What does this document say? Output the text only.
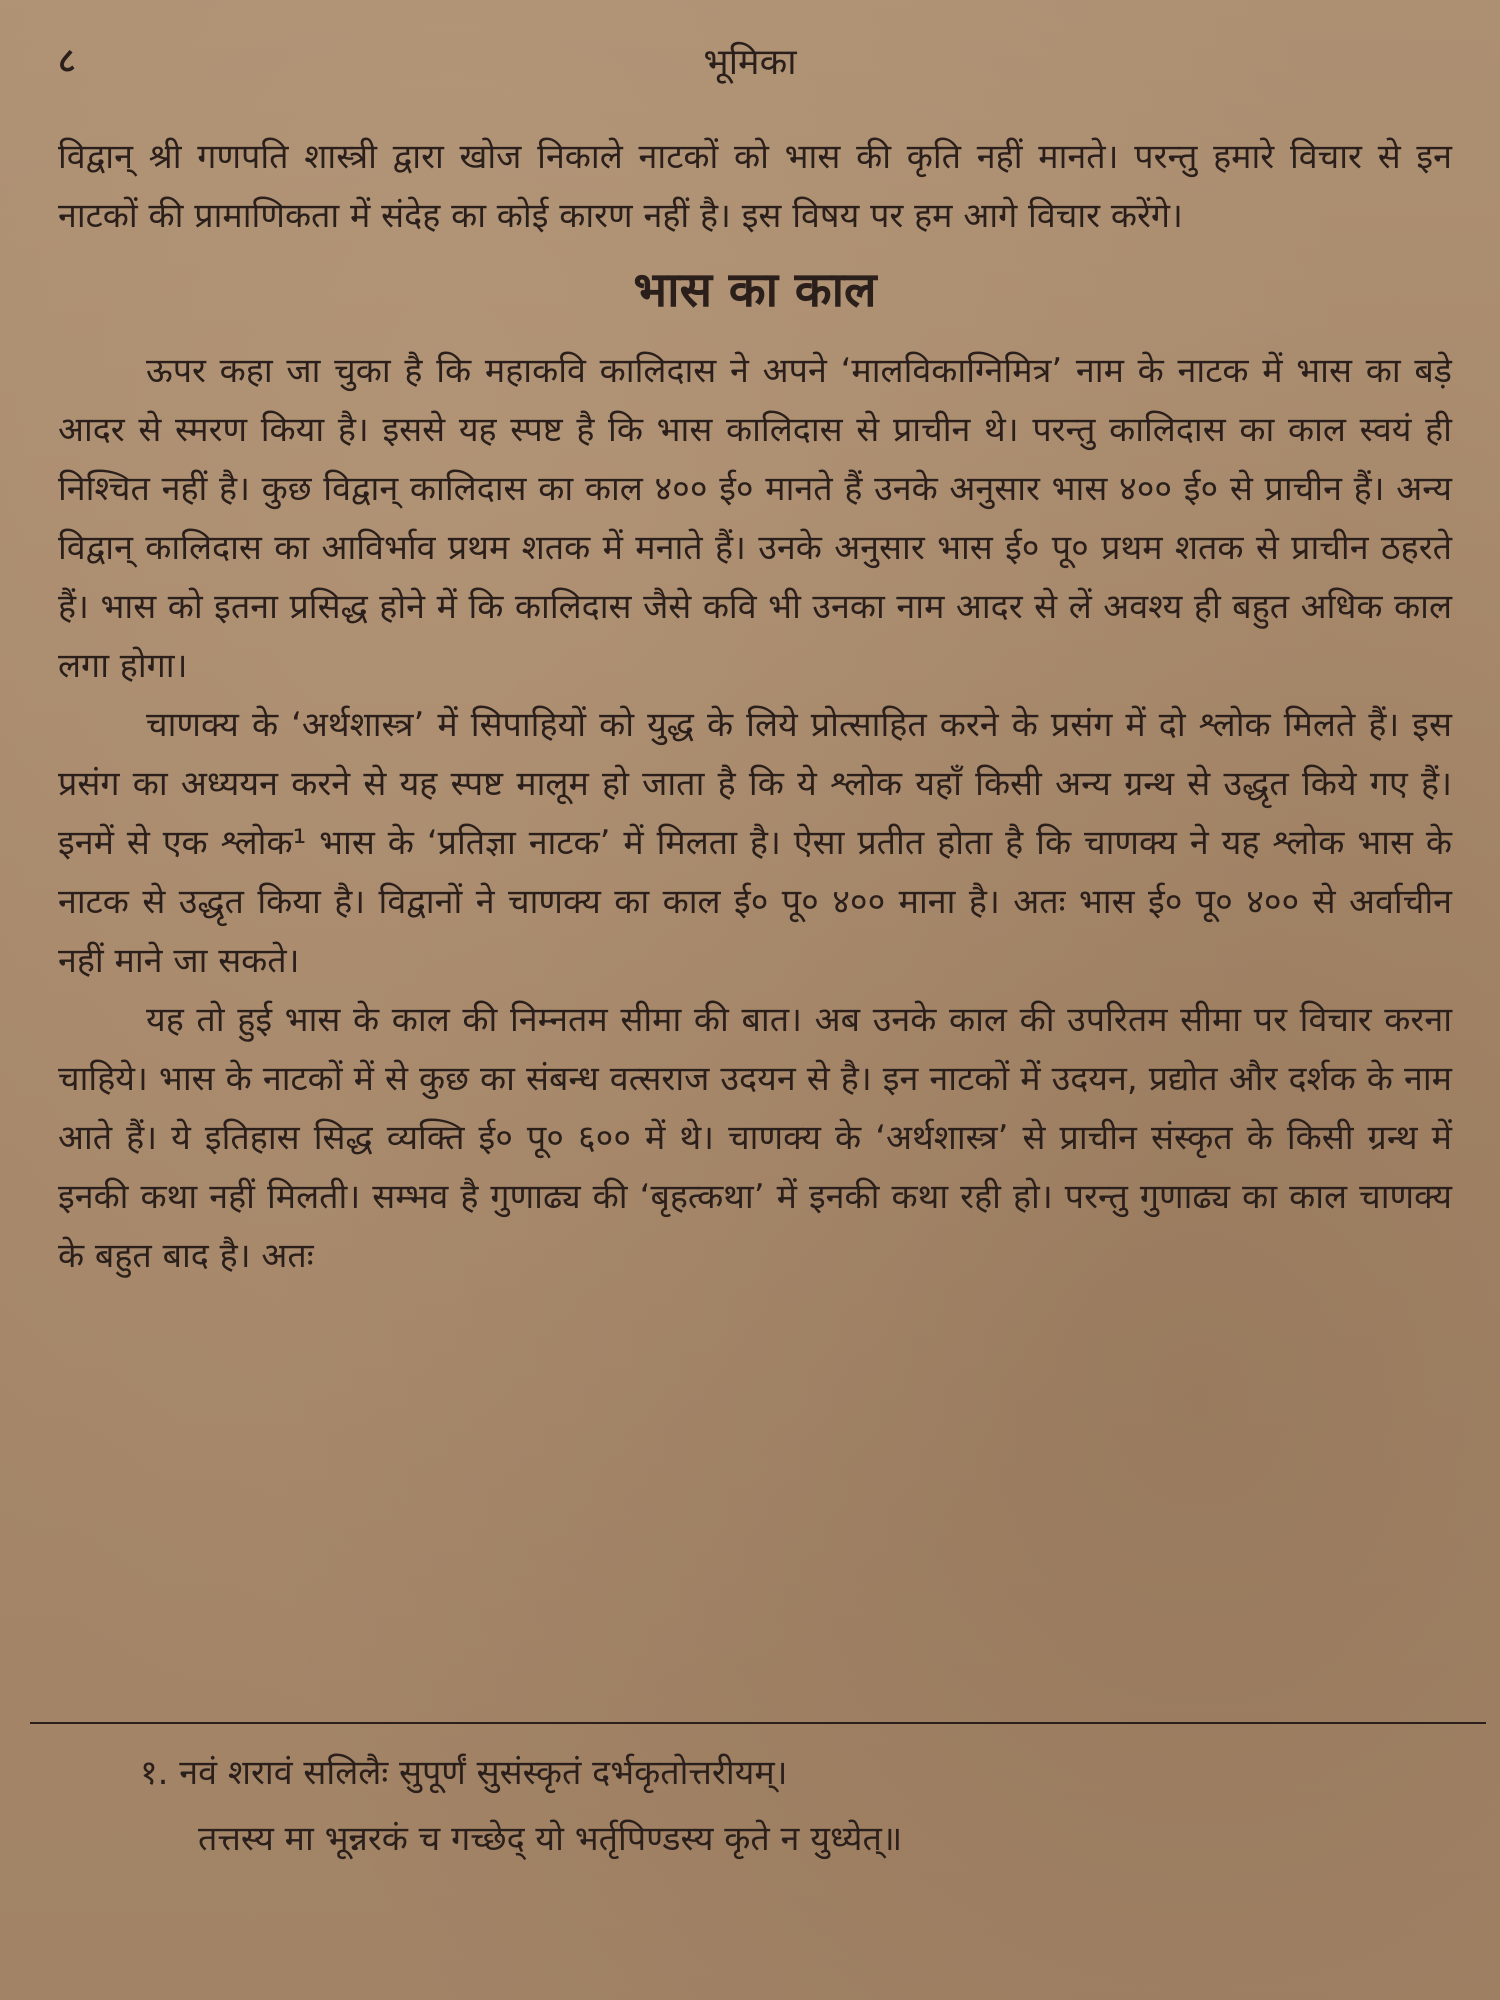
८	भूमिका

विद्वान् श्री गणपति शास्त्री द्वारा खोज निकाले नाटकों को भास की कृति नहीं मानते। परन्तु हमारे विचार से इन नाटकों की प्रामाणिकता में संदेह का कोई कारण नहीं है। इस विषय पर हम आगे विचार करेंगे।

भास का काल

ऊपर कहा जा चुका है कि महाकवि कालिदास ने अपने ‘मालविकाग्निमित्र’ नाम के नाटक में भास का बड़े आदर से स्मरण किया है। इससे यह स्पष्ट है कि भास कालिदास से प्राचीन थे। परन्तु कालिदास का काल स्वयं ही निश्चित नहीं है। कुछ विद्वान् कालिदास का काल ४०० ई० मानते हैं उनके अनुसार भास ४०० ई० से प्राचीन हैं। अन्य विद्वान् कालिदास का आविर्भाव प्रथम शतक में मनाते हैं। उनके अनुसार भास ई० पू० प्रथम शतक से प्राचीन ठहरते हैं। भास को इतना प्रसिद्ध होने में कि कालिदास जैसे कवि भी उनका नाम आदर से लें अवश्य ही बहुत अधिक काल लगा होगा।

चाणक्य के ‘अर्थशास्त्र’ में सिपाहियों को युद्ध के लिये प्रोत्साहित करने के प्रसंग में दो श्लोक मिलते हैं। इस प्रसंग का अध्ययन करने से यह स्पष्ट मालूम हो जाता है कि ये श्लोक यहाँ किसी अन्य ग्रन्थ से उद्धृत किये गए हैं। इनमें से एक श्लोक¹ भास के ‘प्रतिज्ञा नाटक’ में मिलता है। ऐसा प्रतीत होता है कि चाणक्य ने यह श्लोक भास के नाटक से उद्धृत किया है। विद्वानों ने चाणक्य का काल ई० पू० ४०० माना है। अतः भास ई० पू० ४०० से अर्वाचीन नहीं माने जा सकते।

यह तो हुई भास के काल की निम्नतम सीमा की बात। अब उनके काल की उपरितम सीमा पर विचार करना चाहिये। भास के नाटकों में से कुछ का संबन्ध वत्सराज उदयन से है। इन नाटकों में उदयन, प्रद्योत और दर्शक के नाम आते हैं। ये इतिहास सिद्ध व्यक्ति ई० पू० ६०० में थे। चाणक्य के ‘अर्थशास्त्र’ से प्राचीन संस्कृत के किसी ग्रन्थ में इनकी कथा नहीं मिलती। सम्भव है गुणाढ्य की ‘बृहत्कथा’ में इनकी कथा रही हो। परन्तु गुणाढ्य का काल चाणक्य के बहुत बाद है। अतः

१. नवं शरावं सलिलैः सुपूर्णं सुसंस्कृतं दर्भकृतोत्तरीयम्।
तत्तस्य मा भून्नरकं च गच्छेद् यो भर्तृपिण्डस्य कृते न युध्येत्॥
